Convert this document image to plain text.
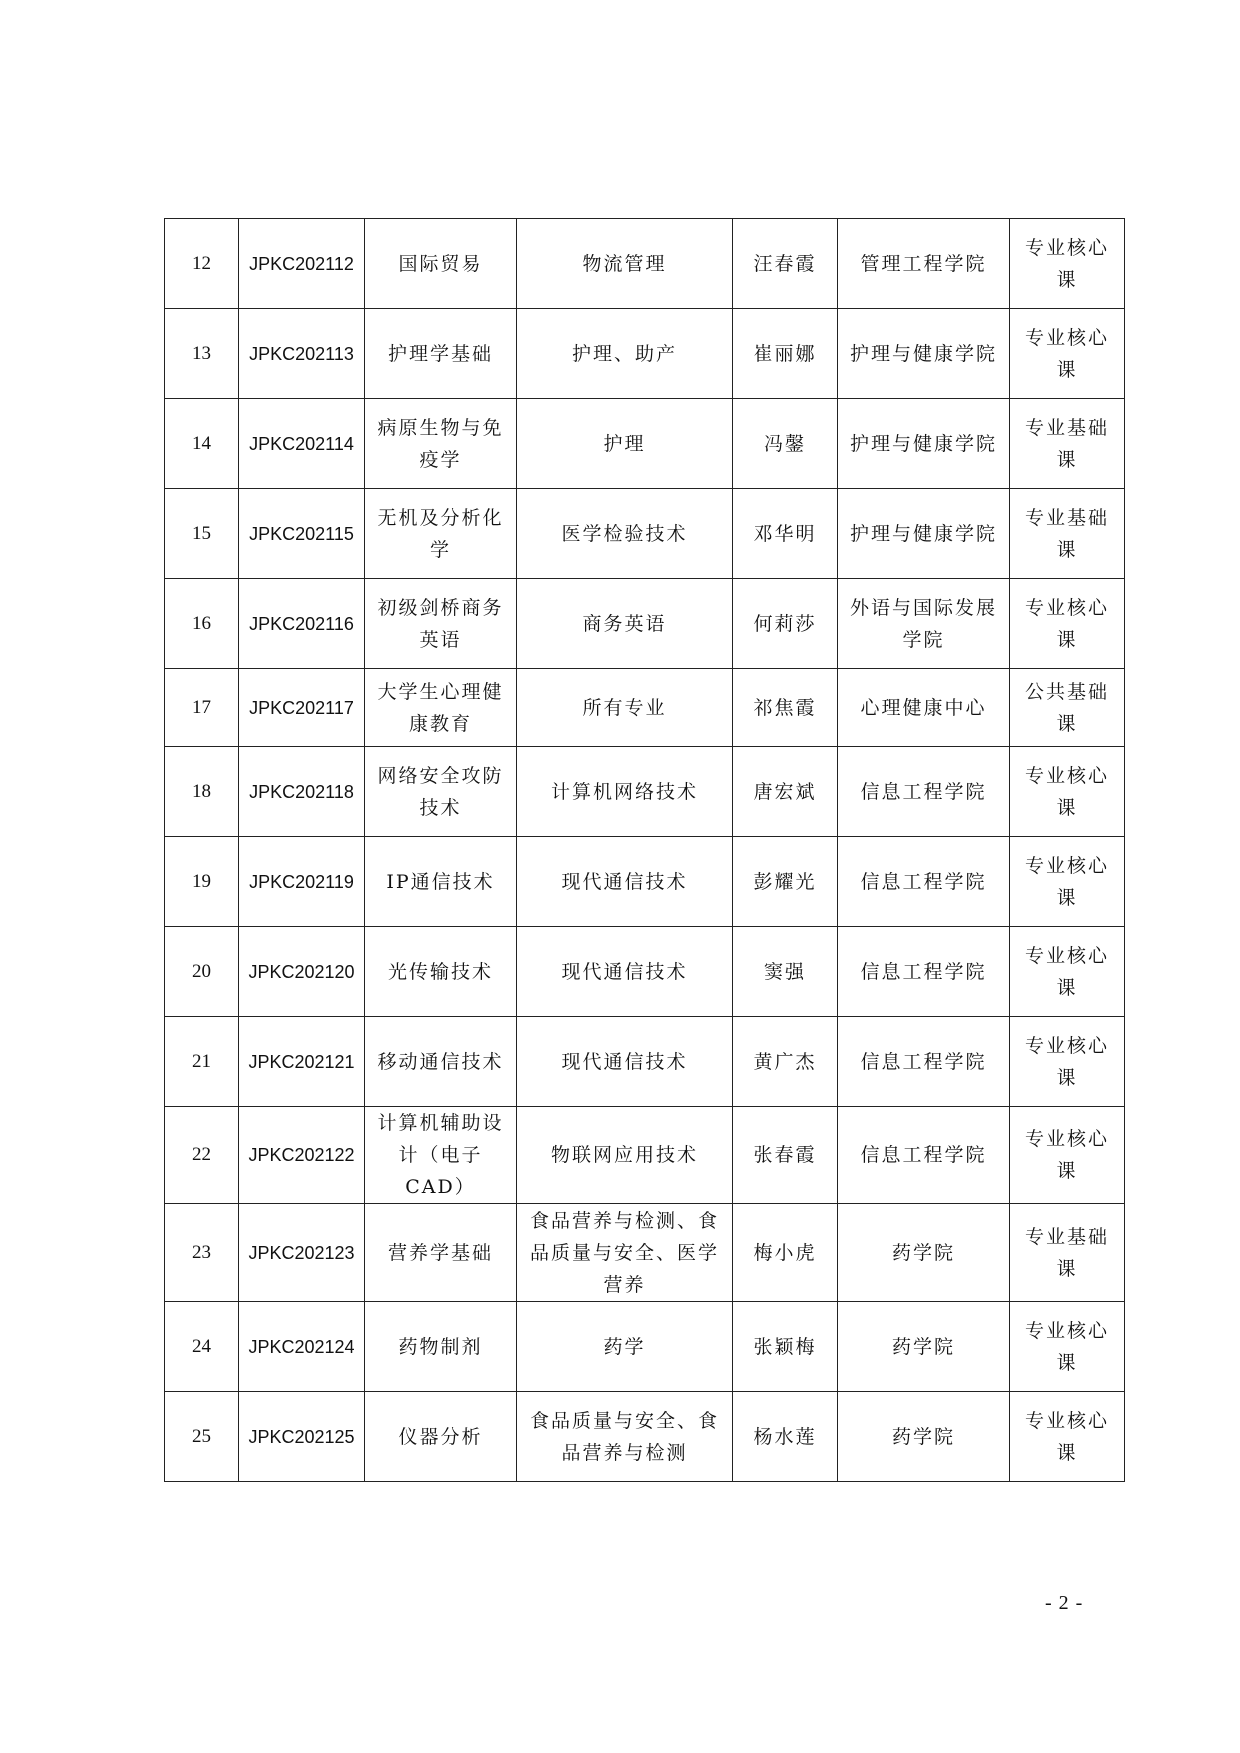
12	JPKC202112	国际贸易	物流管理	汪春霞	管理工程学院	专业核心课
13	JPKC202113	护理学基础	护理、助产	崔丽娜	护理与健康学院	专业核心课
14	JPKC202114	病原生物与免疫学	护理	冯鏧	护理与健康学院	专业基础课
15	JPKC202115	无机及分析化学	医学检验技术	邓华明	护理与健康学院	专业基础课
16	JPKC202116	初级剑桥商务英语	商务英语	何莉莎	外语与国际发展学院	专业核心课
17	JPKC202117	大学生心理健康教育	所有专业	祁焦霞	心理健康中心	公共基础课
18	JPKC202118	网络安全攻防技术	计算机网络技术	唐宏斌	信息工程学院	专业核心课
19	JPKC202119	IP通信技术	现代通信技术	彭耀光	信息工程学院	专业核心课
20	JPKC202120	光传输技术	现代通信技术	窦强	信息工程学院	专业核心课
21	JPKC202121	移动通信技术	现代通信技术	黄广杰	信息工程学院	专业核心课
22	JPKC202122	计算机辅助设计（电子CAD）	物联网应用技术	张春霞	信息工程学院	专业核心课
23	JPKC202123	营养学基础	食品营养与检测、食品质量与安全、医学营养	梅小虎	药学院	专业基础课
24	JPKC202124	药物制剂	药学	张颖梅	药学院	专业核心课
25	JPKC202125	仪器分析	食品质量与安全、食品营养与检测	杨水莲	药学院	专业核心课
- 2 -
